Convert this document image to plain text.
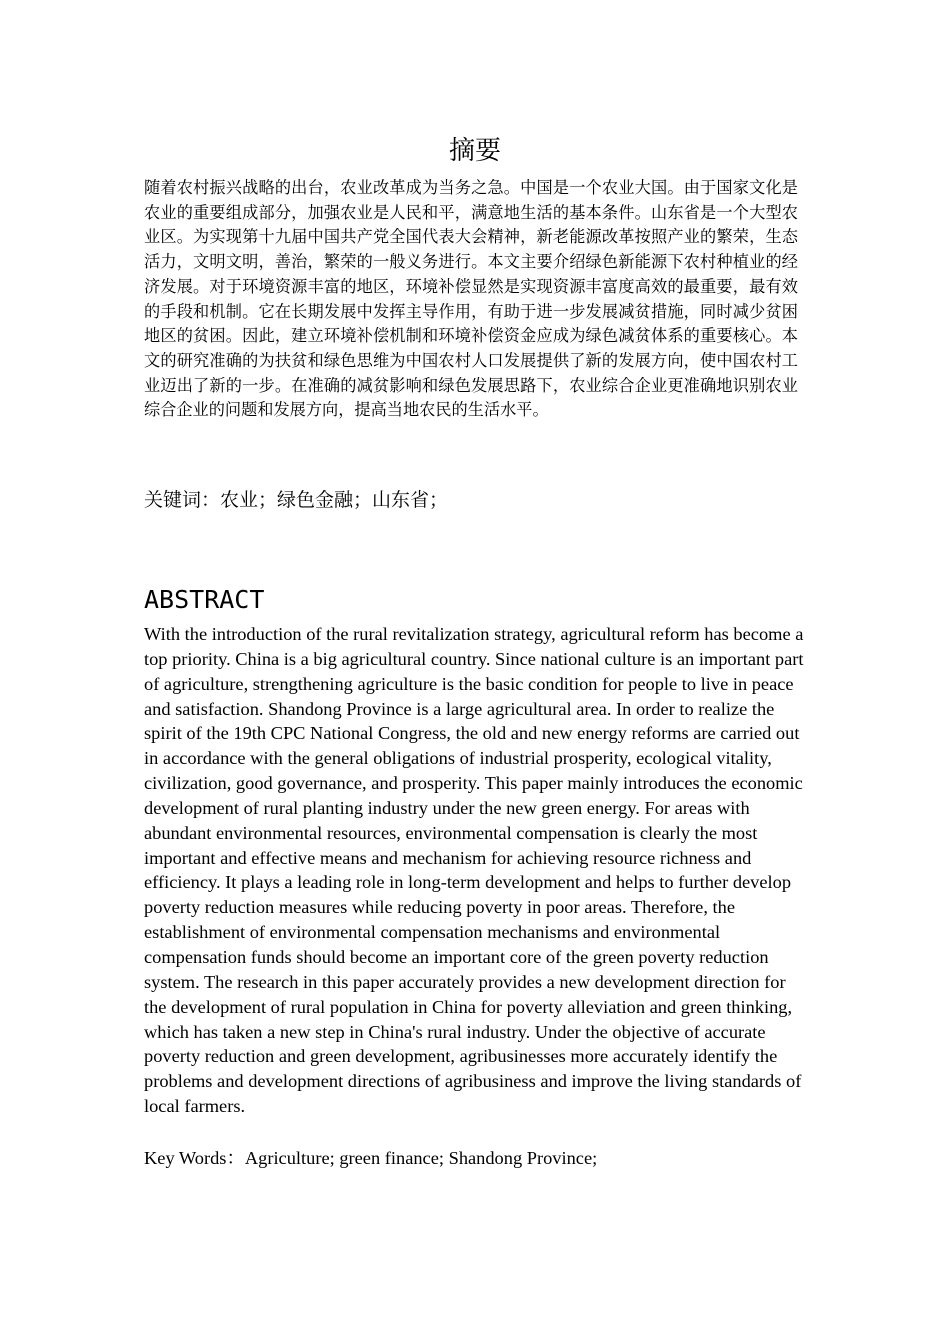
摘要

随着农村振兴战略的出台，农业改革成为当务之急。中国是一个农业大国。由于国家文化是农业的重要组成部分，加强农业是人民和平，满意地生活的基本条件。山东省是一个大型农业区。为实现第十九届中国共产党全国代表大会精神，新老能源改革按照产业的繁荣，生态活力，文明文明，善治，繁荣的一般义务进行。本文主要介绍绿色新能源下农村种植业的经济发展。对于环境资源丰富的地区，环境补偿显然是实现资源丰富度高效的最重要，最有效的手段和机制。它在长期发展中发挥主导作用，有助于进一步发展减贫措施，同时减少贫困地区的贫困。因此，建立环境补偿机制和环境补偿资金应成为绿色减贫体系的重要核心。本文的研究准确的为扶贫和绿色思维为中国农村人口发展提供了新的发展方向，使中国农村工业迈出了新的一步。在准确的减贫影响和绿色发展思路下，农业综合企业更准确地识别农业综合企业的问题和发展方向，提高当地农民的生活水平。

关键词：农业；绿色金融；山东省；

ABSTRACT

With the introduction of the rural revitalization strategy, agricultural reform has become a top priority. China is a big agricultural country. Since national culture is an important part of agriculture, strengthening agriculture is the basic condition for people to live in peace and satisfaction. Shandong Province is a large agricultural area. In order to realize the spirit of the 19th CPC National Congress, the old and new energy reforms are carried out in accordance with the general obligations of industrial prosperity, ecological vitality, civilization, good governance, and prosperity. This paper mainly introduces the economic development of rural planting industry under the new green energy. For areas with abundant environmental resources, environmental compensation is clearly the most important and effective means and mechanism for achieving resource richness and efficiency. It plays a leading role in long-term development and helps to further develop poverty reduction measures while reducing poverty in poor areas. Therefore, the establishment of environmental compensation mechanisms and environmental compensation funds should become an important core of the green poverty reduction system. The research in this paper accurately provides a new development direction for the development of rural population in China for poverty alleviation and green thinking, which has taken a new step in China's rural industry. Under the objective of accurate poverty reduction and green development, agribusinesses more accurately identify the problems and development directions of agribusiness and improve the living standards of local farmers.

Key Words：Agriculture; green finance; Shandong Province;
